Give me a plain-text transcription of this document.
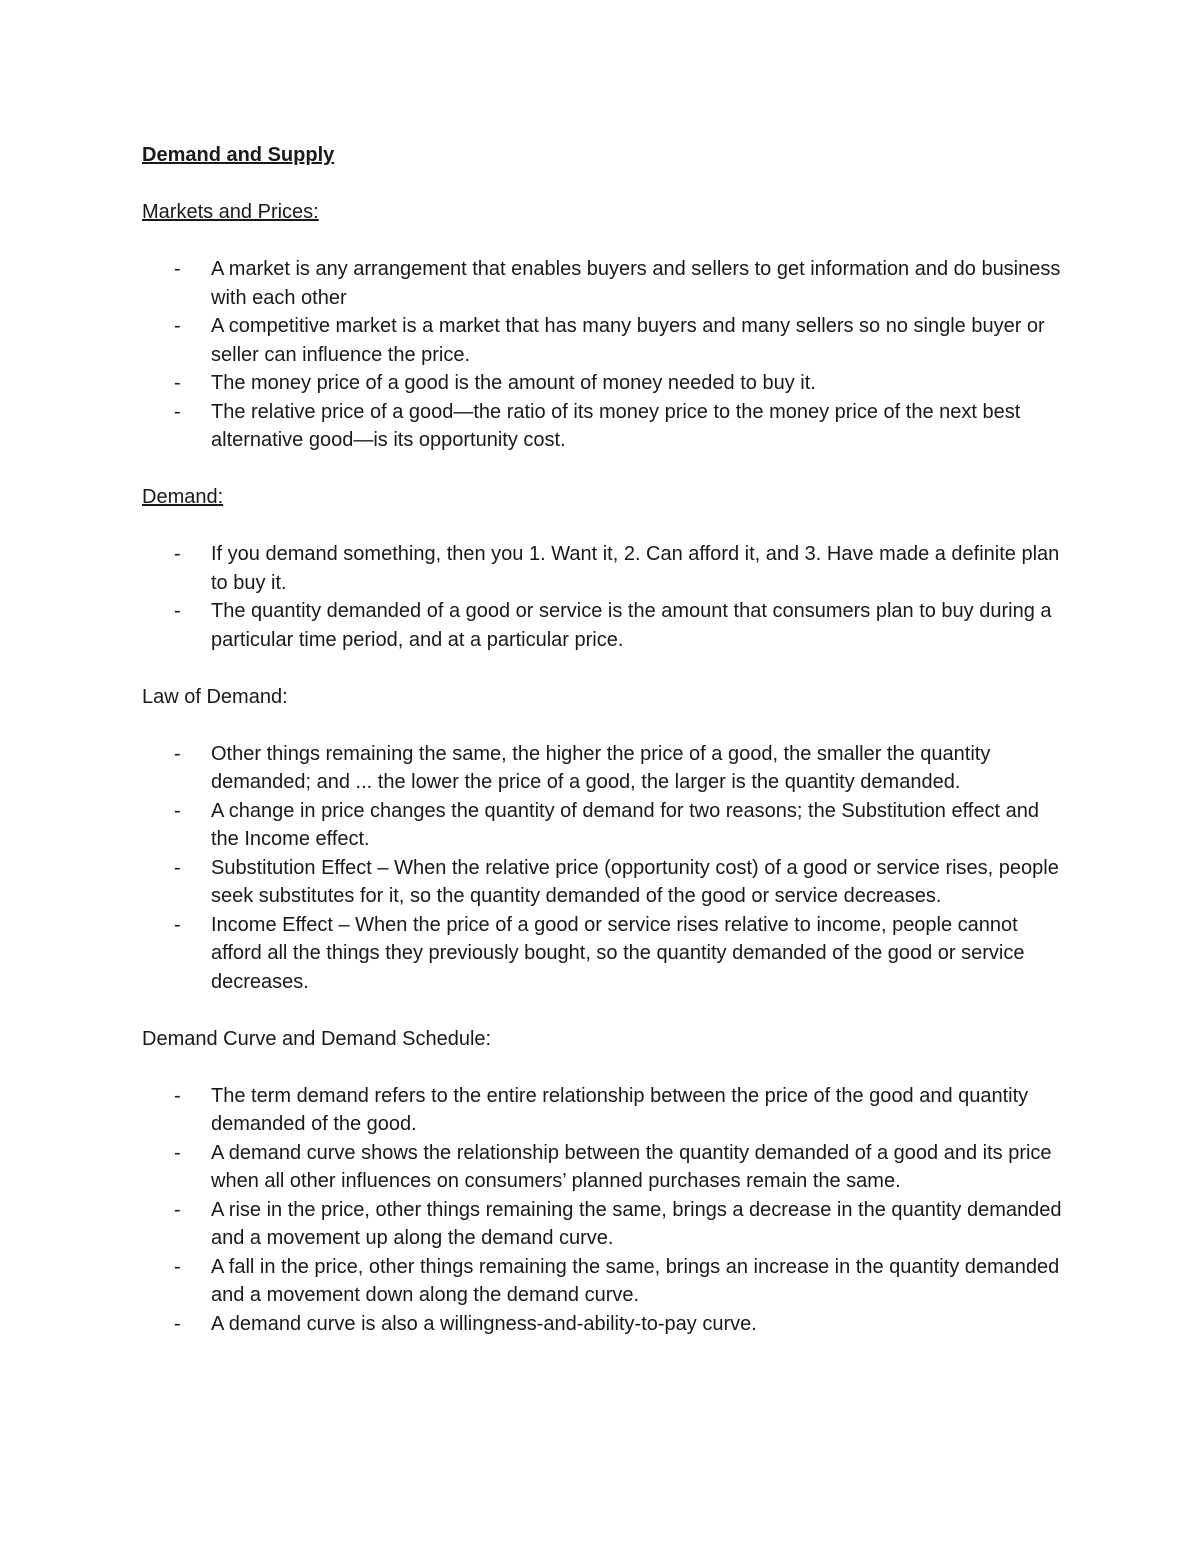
Demand and Supply
Markets and Prices:
- A market is any arrangement that enables buyers and sellers to get information and do business with each other
- A competitive market is a market that has many buyers and many sellers so no single buyer or seller can influence the price.
- The money price of a good is the amount of money needed to buy it.
- The relative price of a good—the ratio of its money price to the money price of the next best alternative good—is its opportunity cost.
Demand:
- If you demand something, then you 1. Want it, 2. Can afford it, and 3. Have made a definite plan to buy it.
- The quantity demanded of a good or service is the amount that consumers plan to buy during a particular time period, and at a particular price.
Law of Demand:
- Other things remaining the same, the higher the price of a good, the smaller the quantity demanded; and ... the lower the price of a good, the larger is the quantity demanded.
- A change in price changes the quantity of demand for two reasons; the Substitution effect and the Income effect.
- Substitution Effect – When the relative price (opportunity cost) of a good or service rises, people seek substitutes for it, so the quantity demanded of the good or service decreases.
- Income Effect – When the price of a good or service rises relative to income, people cannot afford all the things they previously bought, so the quantity demanded of the good or service decreases.
Demand Curve and Demand Schedule:
- The term demand refers to the entire relationship between the price of the good and quantity demanded of the good.
- A demand curve shows the relationship between the quantity demanded of a good and its price when all other influences on consumers’ planned purchases remain the same.
- A rise in the price, other things remaining the same, brings a decrease in the quantity demanded and a movement up along the demand curve.
- A fall in the price, other things remaining the same, brings an increase in the quantity demanded and a movement down along the demand curve.
- A demand curve is also a willingness-and-ability-to-pay curve.
